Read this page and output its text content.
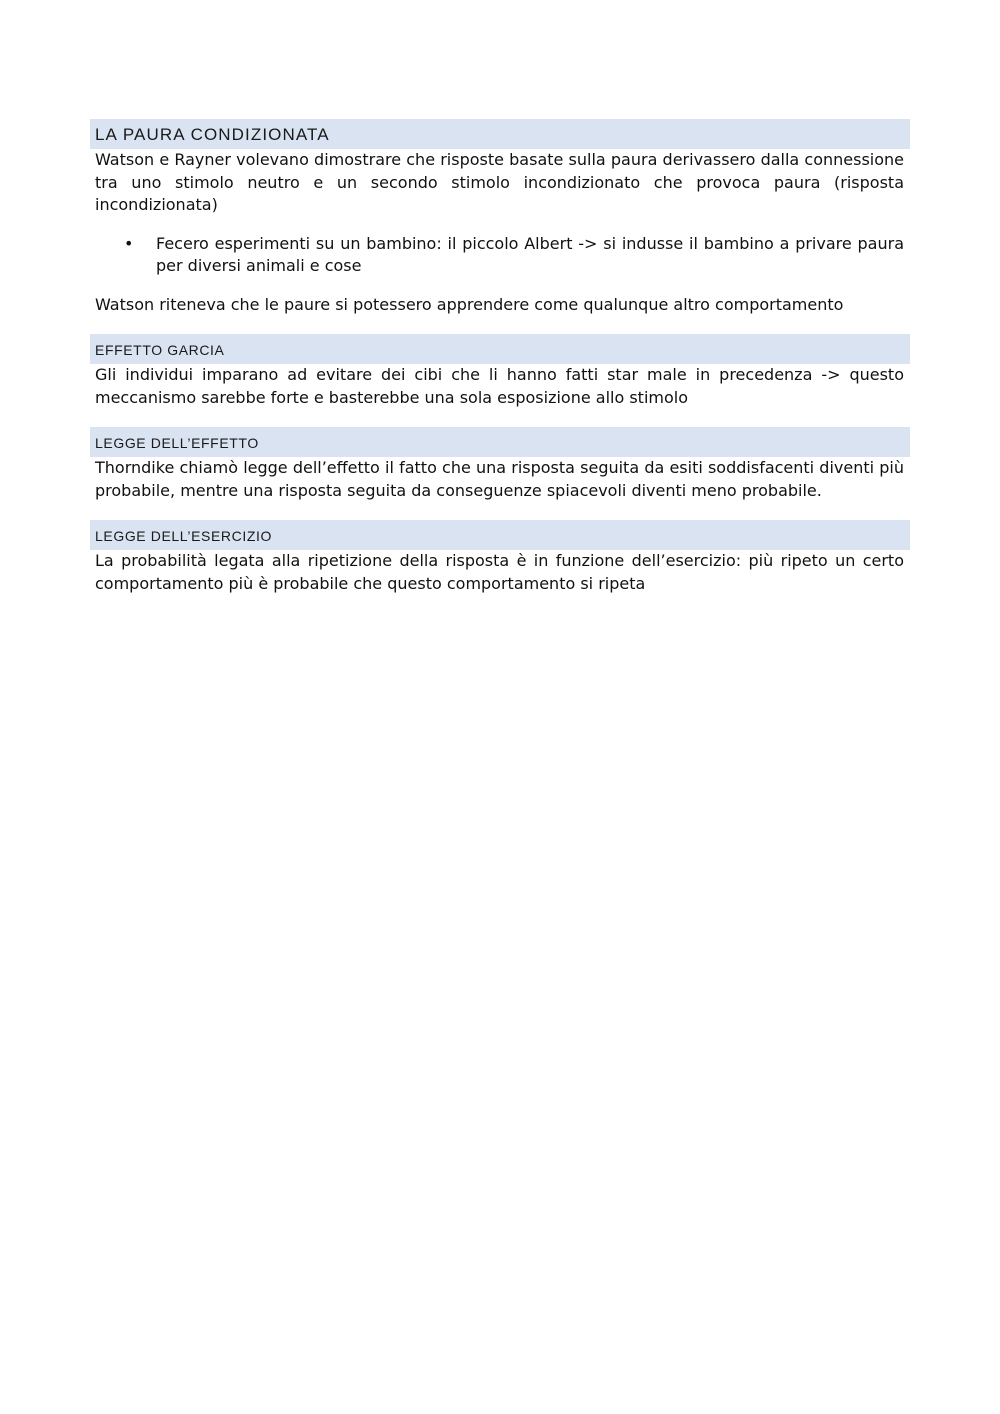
LA PAURA CONDIZIONATA

Watson e Rayner volevano dimostrare che risposte basate sulla paura derivassero dalla connessione tra uno stimolo neutro e un secondo stimolo incondizionato che provoca paura (risposta incondizionata)

• Fecero esperimenti su un bambino: il piccolo Albert -> si indusse il bambino a privare paura per diversi animali e cose

Watson riteneva che le paure si potessero apprendere come qualunque altro comportamento

EFFETTO GARCIA

Gli individui imparano ad evitare dei cibi che li hanno fatti star male in precedenza -> questo meccanismo sarebbe forte e basterebbe una sola esposizione allo stimolo

LEGGE DELL’EFFETTO

Thorndike chiamò legge dell’effetto il fatto che una risposta seguita da esiti soddisfacenti diventi più probabile, mentre una risposta seguita da conseguenze spiacevoli diventi meno probabile.

LEGGE DELL’ESERCIZIO

La probabilità legata alla ripetizione della risposta è in funzione dell’esercizio: più ripeto un certo comportamento più è probabile che questo comportamento si ripeta
